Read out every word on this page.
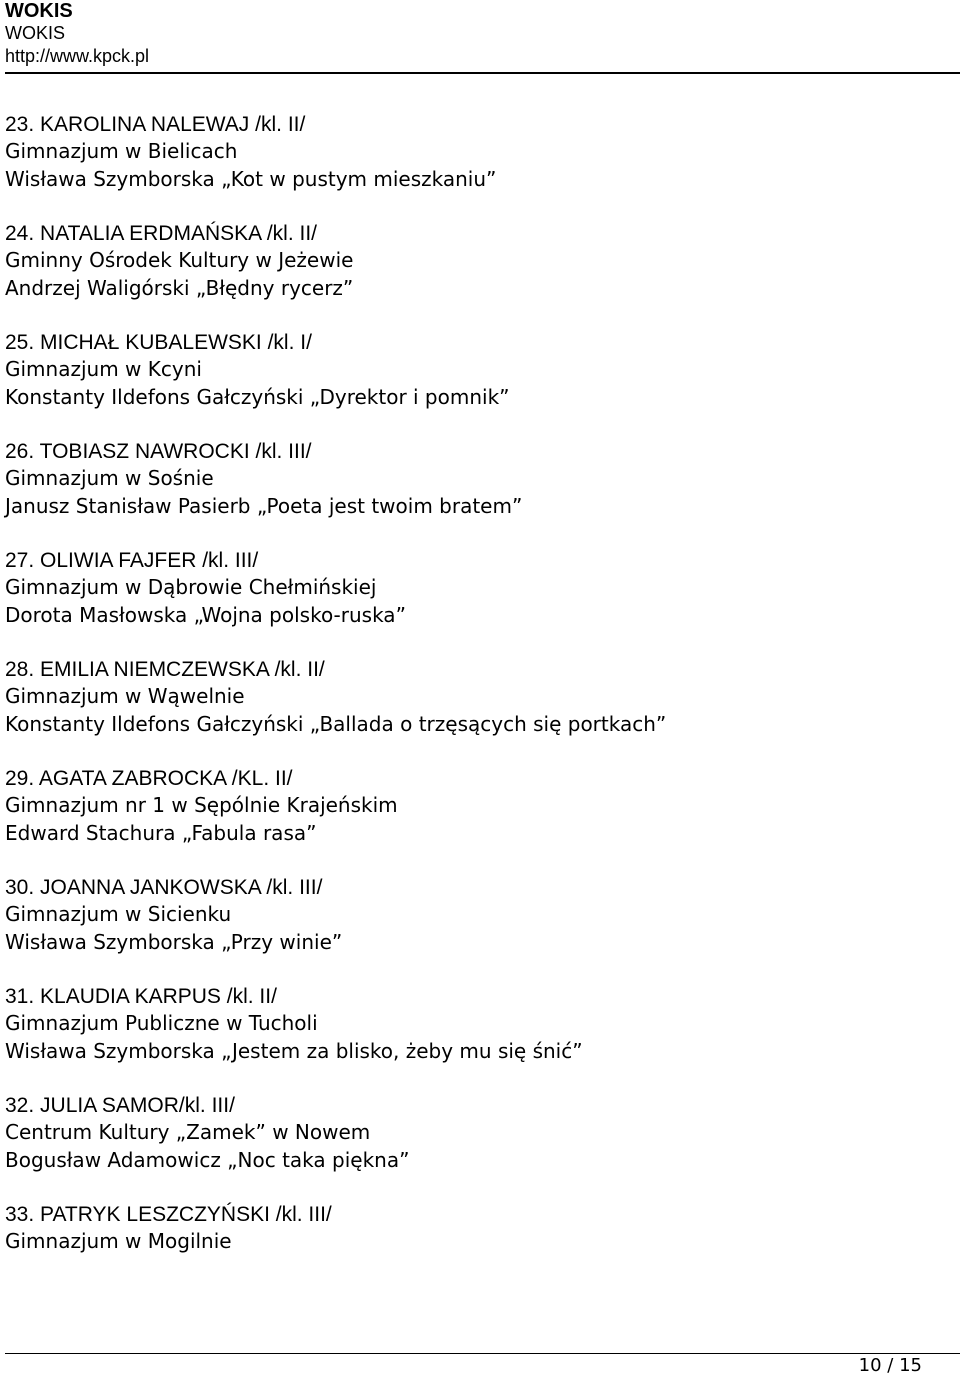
WOKIS
WOKIS
http://www.kpck.pl
23. KAROLINA NALEWAJ /kl. II/
Gimnazjum w Bielicach
Wisława Szymborska „Kot w pustym mieszkaniu”
24. NATALIA ERDMAŃSKA /kl. II/
Gminny Ośrodek Kultury w Jeżewie
Andrzej Waligórski „Błędny rycerz”
25. MICHAŁ KUBALEWSKI /kl. I/
Gimnazjum w Kcyni
Konstanty Ildefons Gałczyński „Dyrektor i pomnik”
26. TOBIASZ NAWROCKI /kl. III/
Gimnazjum w Sośnie
Janusz Stanisław Pasierb „Poeta jest twoim bratem”
27. OLIWIA FAJFER /kl. III/
Gimnazjum w Dąbrowie Chełmińskiej
Dorota Masłowska „Wojna polsko-ruska”
28. EMILIA NIEMCZEWSKA /kl. II/
Gimnazjum w Wąwelnie
Konstanty Ildefons Gałczyński „Ballada o trzęsących się portkach”
29. AGATA ZABROCKA /KL. II/
Gimnazjum nr 1 w Sępólnie Krajeńskim
Edward Stachura „Fabula rasa”
30. JOANNA JANKOWSKA /kl. III/
Gimnazjum w Sicienku
Wisława Szymborska „Przy winie”
31. KLAUDIA KARPUS /kl. II/
Gimnazjum Publiczne w Tucholi
Wisława Szymborska „Jestem za blisko, żeby mu się śnić”
32. JULIA SAMOR/kl. III/
Centrum Kultury „Zamek” w Nowem
Bogusław Adamowicz „Noc taka piękna”
33. PATRYK LESZCZYŃSKI /kl. III/
Gimnazjum w Mogilnie
10 / 15
